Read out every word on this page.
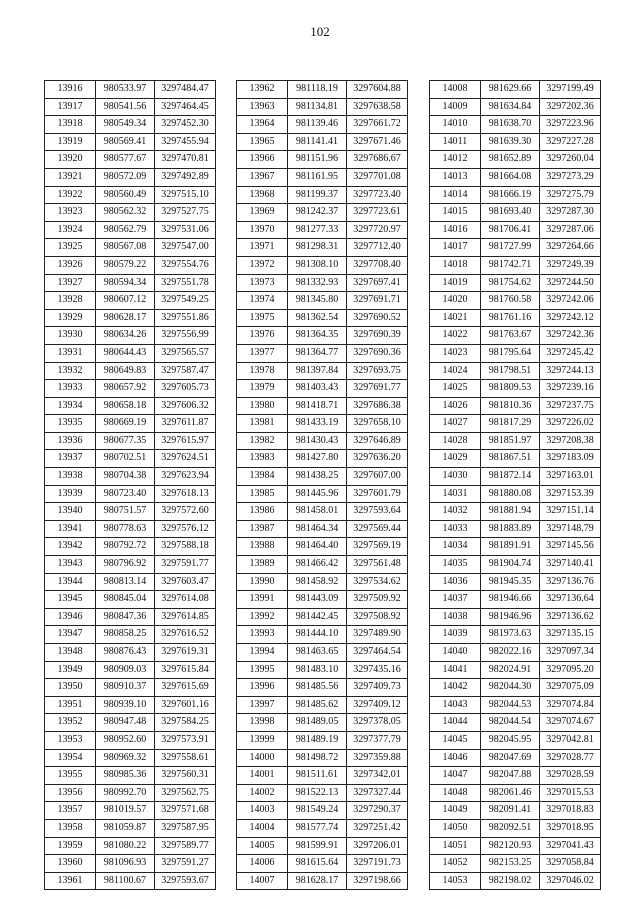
102
13916	980533.97	3297484.47
13917	980541.56	3297464.45
13918	980549.34	3297452.30
13919	980569.41	3297455.94
13920	980577.67	3297470.81
13921	980572.09	3297492.89
13922	980560.49	3297515.10
13923	980562.32	3297527.75
13924	980562.79	3297531.06
13925	980567.08	3297547.00
13926	980579.22	3297554.76
13927	980594.34	3297551.78
13928	980607.12	3297549.25
13929	980628.17	3297551.86
13930	980634.26	3297556.99
13931	980644.43	3297565.57
13932	980649.83	3297587.47
13933	980657.92	3297605.73
13934	980658.18	3297606.32
13935	980669.19	3297611.87
13936	980677.35	3297615.97
13937	980702.51	3297624.51
13938	980704.38	3297623.94
13939	980723.40	3297618.13
13940	980751.57	3297572.60
13941	980778.63	3297576.12
13942	980792.72	3297588.18
13943	980796.92	3297591.77
13944	980813.14	3297603.47
13945	980845.04	3297614.08
13946	980847.36	3297614.85
13947	980858.25	3297616.52
13948	980876.43	3297619.31
13949	980909.03	3297615.84
13950	980910.37	3297615.69
13951	980939.10	3297601.16
13952	980947.48	3297584.25
13953	980952.60	3297573.91
13954	980969.32	3297558.61
13955	980985.36	3297560.31
13956	980992.70	3297562.75
13957	981019.57	3297571.68
13958	981059.87	3297587.95
13959	981080.22	3297589.77
13960	981096.93	3297591.27
13961	981100.67	3297593.67
13962	981118.19	3297604.88
13963	981134.81	3297638.58
13964	981139.46	3297661.72
13965	981141.41	3297671.46
13966	981151.96	3297686.67
13967	981161.95	3297701.08
13968	981199.37	3297723.40
13969	981242.37	3297723.61
13970	981277.33	3297720.97
13971	981298.31	3297712.40
13972	981308.10	3297708.40
13973	981332.93	3297697.41
13974	981345.80	3297691.71
13975	981362.54	3297690.52
13976	981364.35	3297690.39
13977	981364.77	3297690.36
13978	981397.84	3297693.75
13979	981403.43	3297691.77
13980	981418.71	3297686.38
13981	981433.19	3297658.10
13982	981430.43	3297646.89
13983	981427.80	3297636.20
13984	981438.25	3297607.00
13985	981445.96	3297601.79
13986	981458.01	3297593.64
13987	981464.34	3297569.44
13988	981464.40	3297569.19
13989	981466.42	3297561.48
13990	981458.92	3297534.62
13991	981443.09	3297509.92
13992	981442.45	3297508.92
13993	981444.10	3297489.90
13994	981463.65	3297464.54
13995	981483.10	3297435.16
13996	981485.56	3297409.73
13997	981485.62	3297409.12
13998	981489.05	3297378.05
13999	981489.19	3297377.79
14000	981498.72	3297359.88
14001	981511.61	3297342.01
14002	981522.13	3297327.44
14003	981549.24	3297290.37
14004	981577.74	3297251.42
14005	981599.91	3297206.01
14006	981615.64	3297191.73
14007	981628.17	3297198.66
14008	981629.66	3297199.49
14009	981634.84	3297202.36
14010	981638.70	3297223.96
14011	981639.30	3297227.28
14012	981652.89	3297260.04
14013	981664.08	3297273.29
14014	981666.19	3297275.79
14015	981693.40	3297287.30
14016	981706.41	3297287.06
14017	981727.99	3297264.66
14018	981742.71	3297249.39
14019	981754.62	3297244.50
14020	981760.58	3297242.06
14021	981761.16	3297242.12
14022	981763.67	3297242.36
14023	981795.64	3297245.42
14024	981798.51	3297244.13
14025	981809.53	3297239.16
14026	981810.36	3297237.75
14027	981817.29	3297226.02
14028	981851.97	3297208.38
14029	981867.51	3297183.09
14030	981872.14	3297163.01
14031	981880.08	3297153.39
14032	981881.94	3297151.14
14033	981883.89	3297148.79
14034	981891.91	3297145.56
14035	981904.74	3297140.41
14036	981945.35	3297136.76
14037	981946.66	3297136.64
14038	981946.96	3297136.62
14039	981973.63	3297135.15
14040	982022.16	3297097.34
14041	982024.91	3297095.20
14042	982044.30	3297075.09
14043	982044.53	3297074.84
14044	982044.54	3297074.67
14045	982045.95	3297042.81
14046	982047.69	3297028.77
14047	982047.88	3297028.59
14048	982061.46	3297015.53
14049	982091.41	3297018.83
14050	982092.51	3297018.95
14051	982120.93	3297041.43
14052	982153.25	3297058.84
14053	982198.02	3297046.02
